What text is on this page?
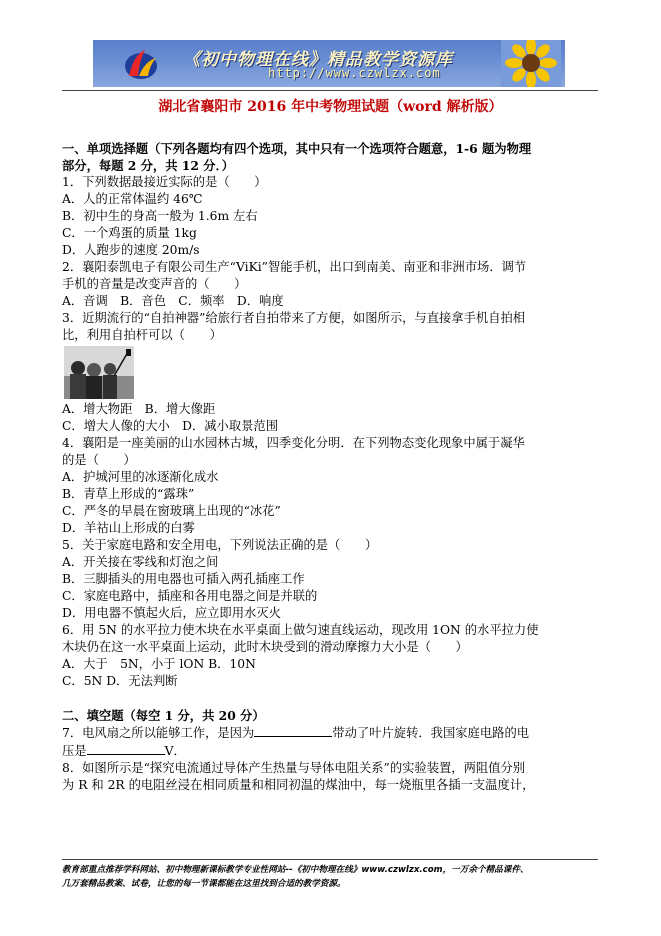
《初中物理在线》精品教学资源库
http://www.czwlzx.com
湖北省襄阳市 2016 年中考物理试题（word 解析版）

一、单项选择题（下列各题均有四个选项，其中只有一个选项符合题意，1-6 题为物理

部分，每题 2 分，共 12 分．）

1．下列数据最接近实际的是（　　）

A．人的正常体温约 46℃

B．初中生的身高一般为 1.6m 左右

C．一个鸡蛋的质量 1kg

D．人跑步的速度 20m/s

2．襄阳泰凯电子有限公司生产“ViKi”智能手机，出口到南美、南亚和非洲市场．调节

手机的音量是改变声音的（　　）

A．音调　B．音色　C．频率　D．响度

3．近期流行的“自拍神器”给旅行者自拍带来了方便，如图所示，与直接拿手机自拍相

比，利用自拍杆可以（　　）

A．增大物距　B．增大像距

C．增大人像的大小　D．减小取景范围

4．襄阳是一座美丽的山水园林古城，四季变化分明．在下列物态变化现象中属于凝华

的是（　　）

A．护城河里的冰逐渐化成水

B．青草上形成的“露珠”

C．严冬的早晨在窗玻璃上出现的“冰花”

D．羊祜山上形成的白雾

5．关于家庭电路和安全用电，下列说法正确的是（　　）

A．开关接在零线和灯泡之间

B．三脚插头的用电器也可插入两孔插座工作

C．家庭电路中，插座和各用电器之间是并联的

D．用电器不慎起火后，应立即用水灭火

6．用 5N 的水平拉力使木块在水平桌面上做匀速直线运动，现改用 1ON 的水平拉力使

木块仍在这一水平桌面上运动，此时木块受到的滑动摩擦力大小是（　　）

A．大于　5N，小于 lON B．10N

C．5N D．无法判断

二、填空题（每空 1 分，共 20 分）

7．电风扇之所以能够工作，是因为	带动了叶片旋转．我国家庭电路的电

压是	V．

8．如图所示是“探究电流通过导体产生热量与导体电阻关系”的实验装置，两阻值分别

为 R 和 2R 的电阻丝浸在相同质量和相同初温的煤油中，每一烧瓶里各插一支温度计，

教育部重点推荐学科网站、初中物理新课标教学专业性网站--《初中物理在线》www.czwlzx.com，一万余个精品课件、
几万套精品教案、试卷，让您的每一节课都能在这里找到合适的教学资源。
